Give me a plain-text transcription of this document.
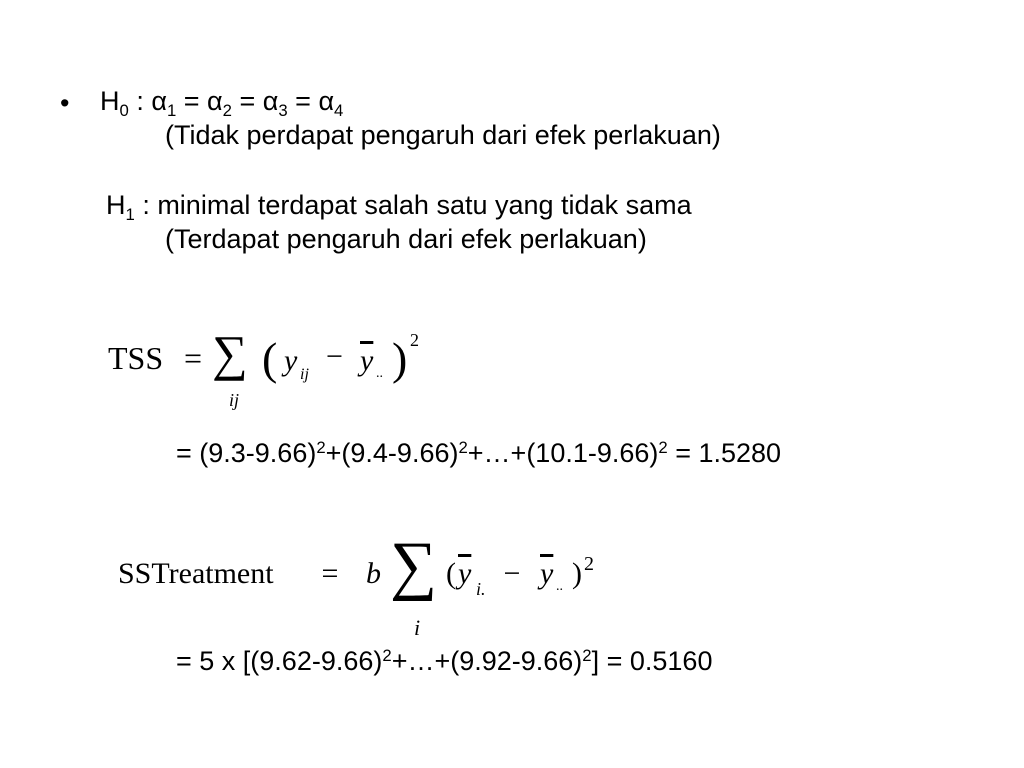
• $H_0$ : $\alpha_1 = \alpha_2 = \alpha_3 = \alpha_4$
(Tidak perdapat pengaruh dari efek perlakuan)
$H_1$ : minimal terdapat salah satu yang tidak sama
(Terdapat pengaruh dari efek perlakuan)
TSS = ∑
ij
( y ij
− $\overline{y}$ .. ) 2
= $(9.3-9.66)^2+(9.4-9.66)^2+\dots+(10.1-9.66)^2 = 1.5280$
SSTreatment = b ∑
i
( $\overline{y}$ i. − $\overline{y}$ .. ) 2
= 5 x $[(9.62-9.66)^2+\dots+(9.92-9.66)^2] = 0.5160$
